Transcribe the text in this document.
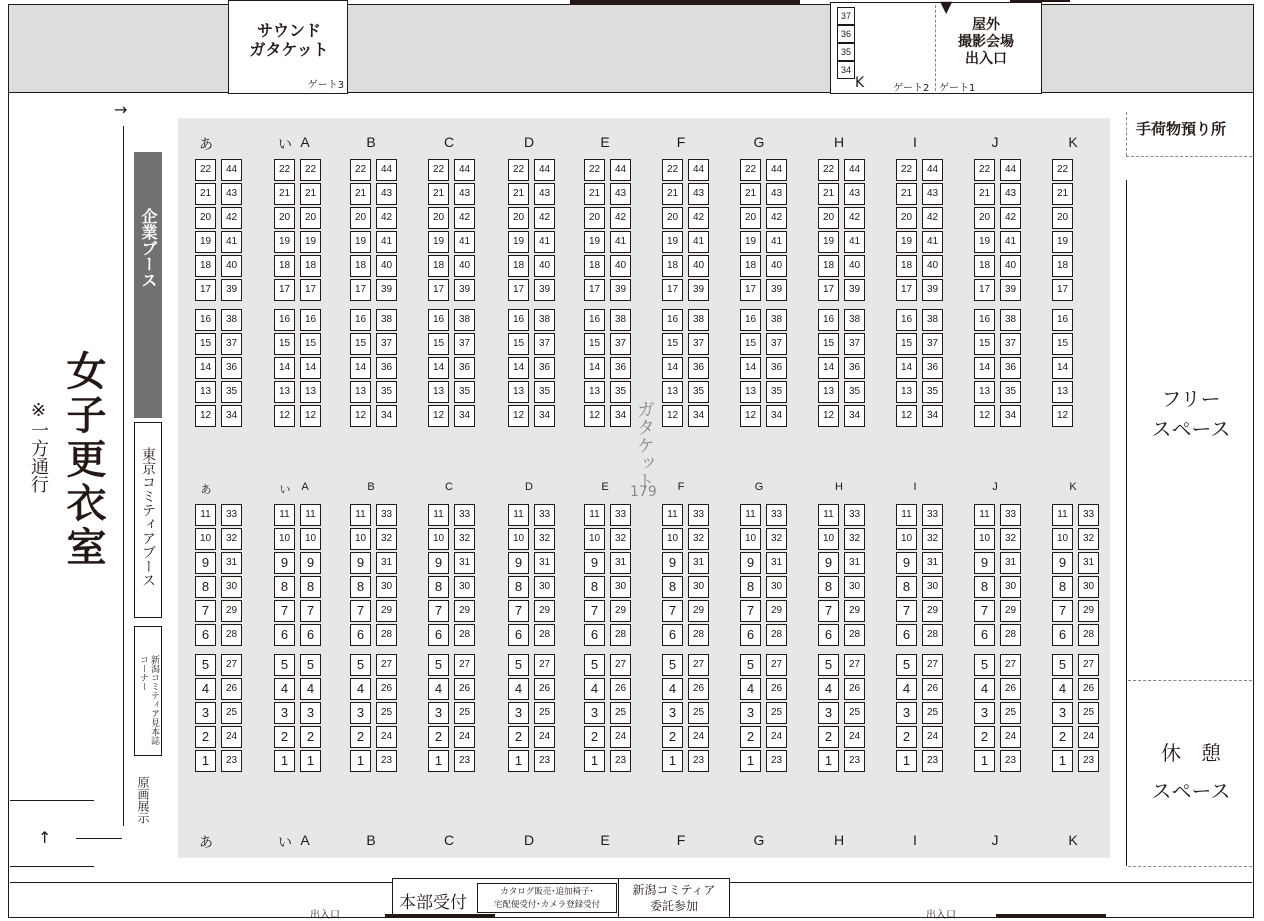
サウンド
ガタケット
ゲート3
屋外
撮影会場
出入口
ゲート2 ゲート1
K
37
36
35
34
▼
→
↑
女子更衣室
※一方通行
企業ブース
東京コミティアブース
新潟コミティア見本誌コーナー
原画展示
手荷物預り所
フリー
スペース
休　憩
スペース
ガタケット
179
本部受付
カタログ販売･追加椅子･
宅配便受付･カメラ登録受付
新潟コミティア
委託参加
出入口	出入口
あ
あ
あ
い
い
い
A
A
A
B
B
B
C
C
C
D
D
D
E
E
E
F
F
F
G
G
G
H
H
H
I
I
I
J
J
J
K
K
K
22	44
21	43
20	42
19	41
18	40
17	39
16	38
15	37
14	36
13	35
12	34
11	33
10	32
9	31
8	30
7	29
6	28
5	27
4	26
3	25
2	24
1	23
22	22
21	21
20	20
19	19
18	18
17	17
16	16
15	15
14	14
13	13
12	12
11	11
10	10
9	9
8	8
7	7
6	6
5	5
4	4
3	3
2	2
1	1
22	44
21	43
20	42
19	41
18	40
17	39
16	38
15	37
14	36
13	35
12	34
11	33
10	32
9	31
8	30
7	29
6	28
5	27
4	26
3	25
2	24
1	23
22	44
21	43
20	42
19	41
18	40
17	39
16	38
15	37
14	36
13	35
12	34
11	33
10	32
9	31
8	30
7	29
6	28
5	27
4	26
3	25
2	24
1	23
22	44
21	43
20	42
19	41
18	40
17	39
16	38
15	37
14	36
13	35
12	34
11	33
10	32
9	31
8	30
7	29
6	28
5	27
4	26
3	25
2	24
1	23
22	44
21	43
20	42
19	41
18	40
17	39
16	38
15	37
14	36
13	35
12	34
11	33
10	32
9	31
8	30
7	29
6	28
5	27
4	26
3	25
2	24
1	23
22	44
21	43
20	42
19	41
18	40
17	39
16	38
15	37
14	36
13	35
12	34
11	33
10	32
9	31
8	30
7	29
6	28
5	27
4	26
3	25
2	24
1	23
22	44
21	43
20	42
19	41
18	40
17	39
16	38
15	37
14	36
13	35
12	34
11	33
10	32
9	31
8	30
7	29
6	28
5	27
4	26
3	25
2	24
1	23
22	44
21	43
20	42
19	41
18	40
17	39
16	38
15	37
14	36
13	35
12	34
11	33
10	32
9	31
8	30
7	29
6	28
5	27
4	26
3	25
2	24
1	23
22	44
21	43
20	42
19	41
18	40
17	39
16	38
15	37
14	36
13	35
12	34
11	33
10	32
9	31
8	30
7	29
6	28
5	27
4	26
3	25
2	24
1	23
22	44
21	43
20	42
19	41
18	40
17	39
16	38
15	37
14	36
13	35
12	34
11	33
10	32
9	31
8	30
7	29
6	28
5	27
4	26
3	25
2	24
1	23
22
21
20
19
18
17
16
15
14
13
12
11	33
10	32
9	31
8	30
7	29
6	28
5	27
4	26
3	25
2	24
1	23
